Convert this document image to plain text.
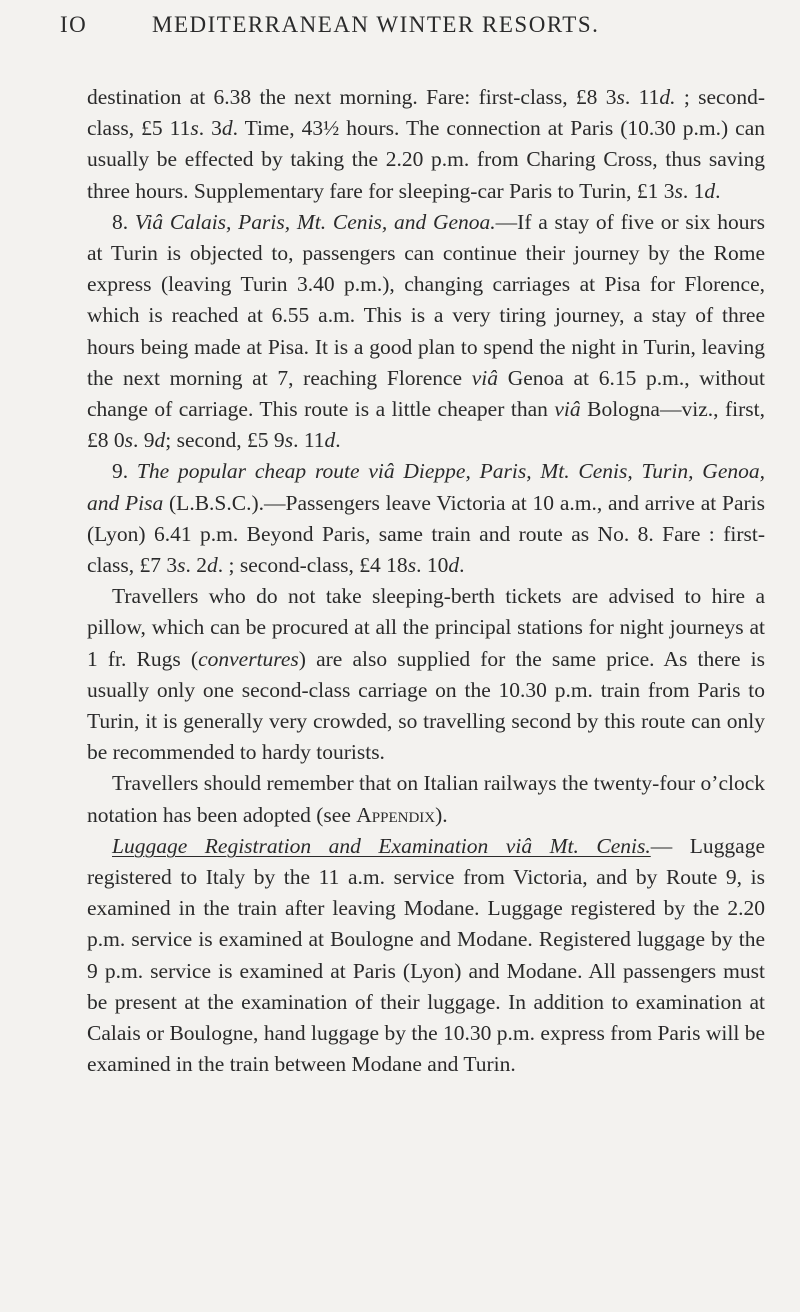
IO	MEDITERRANEAN WINTER RESORTS.

destination at 6.38 the next morning. Fare: first-class, £8 3s. 11d. ; second-class, £5 11s. 3d. Time, 43½ hours. The connection at Paris (10.30 p.m.) can usually be effected by taking the 2.20 p.m. from Charing Cross, thus saving three hours. Supplementary fare for sleeping-car Paris to Turin, £1 3s. 1d.

8. Viâ Calais, Paris, Mt. Cenis, and Genoa.—If a stay of five or six hours at Turin is objected to, passengers can continue their journey by the Rome express (leaving Turin 3.40 p.m.), changing carriages at Pisa for Florence, which is reached at 6.55 a.m. This is a very tiring journey, a stay of three hours being made at Pisa. It is a good plan to spend the night in Turin, leaving the next morning at 7, reaching Florence viâ Genoa at 6.15 p.m., without change of carriage. This route is a little cheaper than viâ Bologna—viz., first, £8 0s. 9d; second, £5 9s. 11d.

9. The popular cheap route viâ Dieppe, Paris, Mt. Cenis, Turin, Genoa, and Pisa (L.B.S.C.).—Passengers leave Victoria at 10 a.m., and arrive at Paris (Lyon) 6.41 p.m. Beyond Paris, same train and route as No. 8. Fare : first-class, £7 3s. 2d. ; second-class, £4 18s. 10d.

Travellers who do not take sleeping-berth tickets are advised to hire a pillow, which can be procured at all the principal stations for night journeys at 1 fr. Rugs (convertures) are also supplied for the same price. As there is usually only one second-class carriage on the 10.30 p.m. train from Paris to Turin, it is generally very crowded, so travelling second by this route can only be recommended to hardy tourists.

Travellers should remember that on Italian railways the twenty-four o’clock notation has been adopted (see Appendix).

Luggage Registration and Examination viâ Mt. Cenis.— Luggage registered to Italy by the 11 a.m. service from Victoria, and by Route 9, is examined in the train after leaving Modane. Luggage registered by the 2.20 p.m. service is examined at Boulogne and Modane. Registered luggage by the 9 p.m. service is examined at Paris (Lyon) and Modane. All passengers must be present at the examination of their luggage. In addition to examination at Calais or Boulogne, hand luggage by the 10.30 p.m. express from Paris will be examined in the train between Modane and Turin.
